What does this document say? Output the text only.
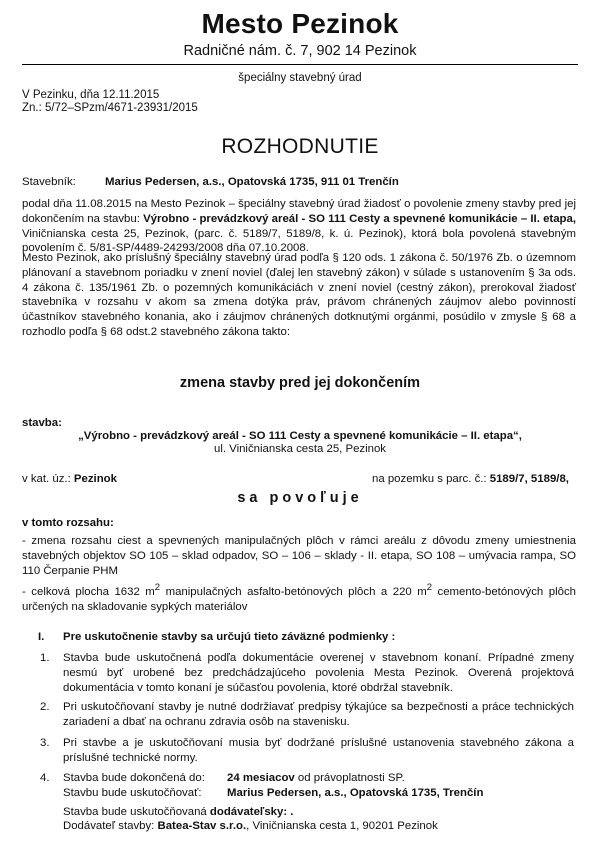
Mesto Pezinok
Radničné nám. č. 7, 902 14 Pezinok
špeciálny stavebný úrad
V Pezinku, dňa 12.11.2015
Zn.: 5/72–SPzm/4671-23931/2015
ROZHODNUTIE
Stavebník:	Marius Pedersen, a.s., Opatovská 1735, 911 01 Trenčín
podal dňa 11.08.2015 na Mesto Pezinok – špeciálny stavebný úrad žiadosť o povolenie zmeny stavby pred jej dokončením na stavbu: Výrobno - prevádzkový areál - SO 111 Cesty a spevnené komunikácie – II. etapa, Viničnianska cesta 25, Pezinok, (parc. č. 5189/7, 5189/8, k. ú. Pezinok), ktorá bola povolená stavebným povolením č. 5/81-SP/4489-24293/2008 dňa 07.10.2008.
Mesto Pezinok, ako príslušný špeciálny stavebný úrad podľa § 120 ods. 1 zákona č. 50/1976 Zb. o územnom plánovaní a stavebnom poriadku v znení noviel (ďalej len stavebný zákon) v súlade s ustanovením § 3a ods. 4 zákona č. 135/1961 Zb. o pozemných komunikáciách v znení noviel (cestný zákon), prerokoval žiadosť stavebníka v rozsahu v akom sa zmena dotýka práv, právom chránených záujmov alebo povinností účastníkov stavebného konania, ako i záujmov chránených dotknutými orgánmi, posúdilo v zmysle § 68 a rozhodlo podľa § 68 odst.2 stavebného zákona takto:
zmena stavby pred jej dokončením
stavba:
„Výrobno - prevádzkový areál - SO 111 Cesty a spevnené komunikácie – II. etapa“,
ul. Viničnianska cesta 25, Pezinok
v kat. úz.: Pezinok	na pozemku s parc. č.: 5189/7, 5189/8,
sa povoľuje
v tomto rozsahu:
- zmena rozsahu ciest a spevnených manipulačných plôch v rámci areálu z dôvodu zmeny umiestnenia stavebných objektov SO 105 – sklad odpadov, SO – 106 – sklady - II. etapa, SO 108 – umývacia rampa, SO 110 Čerpanie PHM
- celková plocha 1632 $m^2$ manipulačných asfalto-betónových plôch a 220 $m^2$ cemento-betónových plôch určených na skladovanie sypkých materiálov
I. Pre uskutočnenie stavby sa určujú tieto záväzné podmienky :
1. Stavba bude uskutočnená podľa dokumentácie overenej v stavebnom konaní. Prípadné zmeny nesmú byť urobené bez predchádzajúceho povolenia Mesta Pezinok. Overená projektová dokumentácia v tomto konaní je súčasťou povolenia, ktoré obdržal stavebník.
2. Pri uskutočňovaní stavby je nutné dodržiavať predpisy týkajúce sa bezpečnosti a práce technických zariadení a dbať na ochranu zdravia osôb na stavenisku.
3. Pri stavbe a je uskutočňovaní musia byť dodržané príslušné ustanovenia stavebného zákona a príslušné technické normy.
4. Stavba bude dokončená do:	24 mesiacov od právoplatnosti SP.
Stavbu bude uskutočňovať:	Marius Pedersen, a.s., Opatovská 1735, Trenčín
Stavba bude uskutočňovaná dodávateľsky: .
Dodávateľ stavby: Batea-Stav s.r.o., Viničnianska cesta 1, 90201 Pezinok
